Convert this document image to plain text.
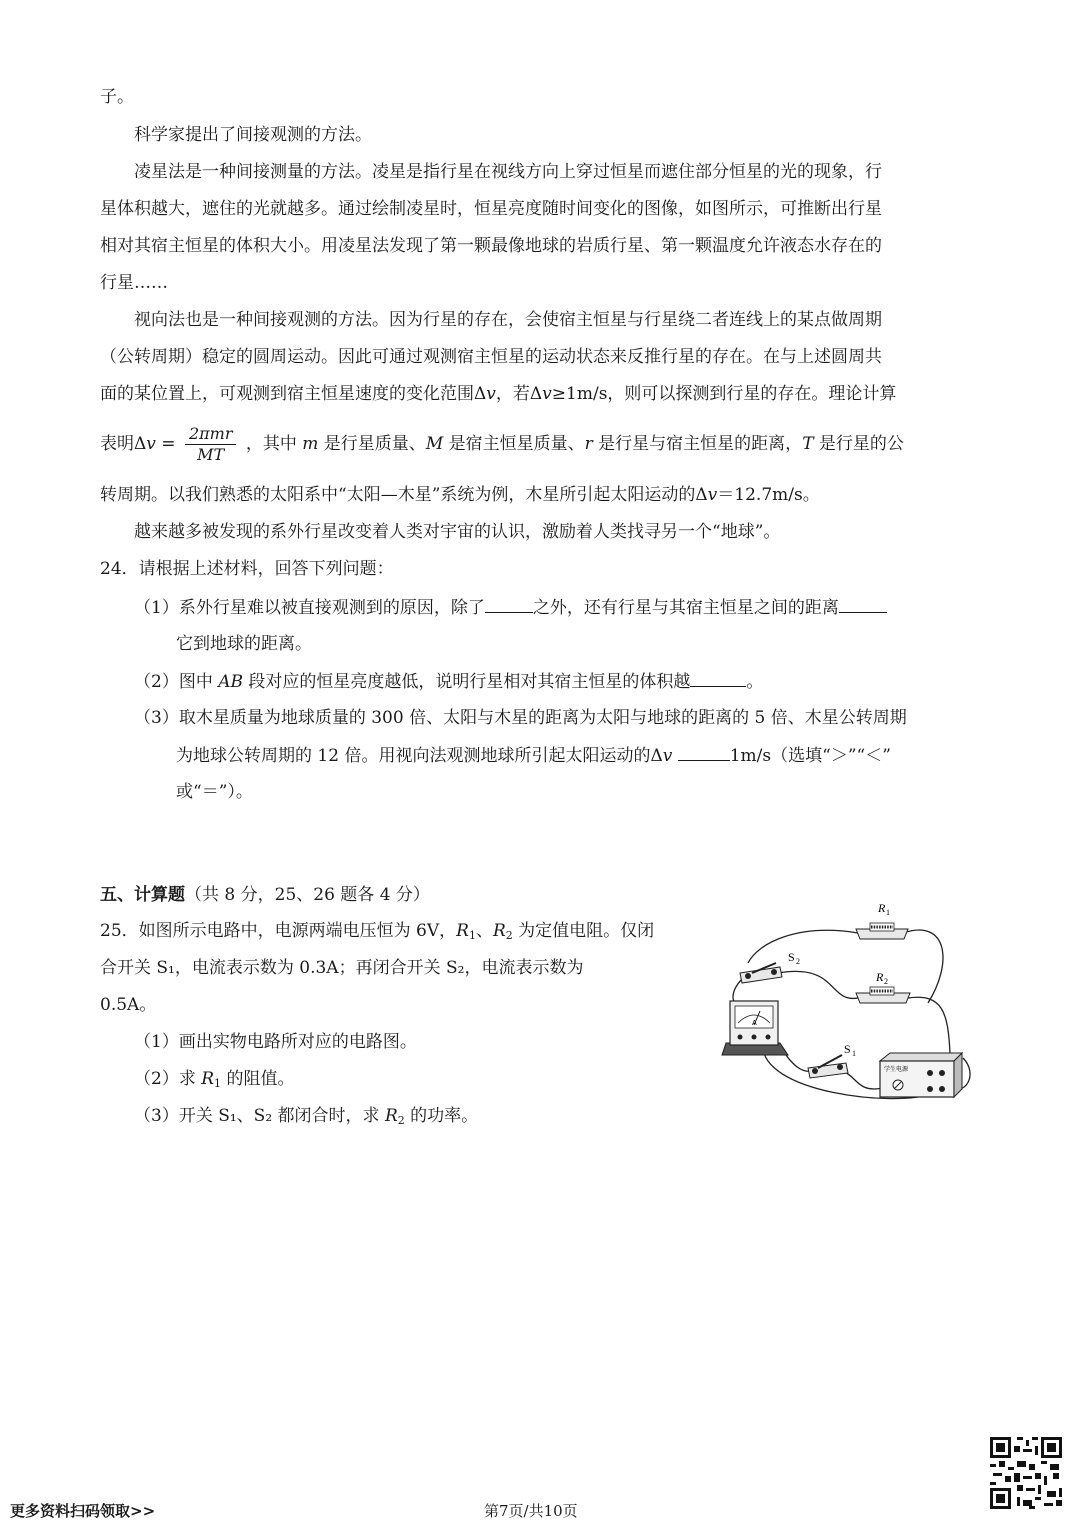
子。
科学家提出了间接观测的方法。
凌星法是一种间接测量的方法。凌星是指行星在视线方向上穿过恒星而遮住部分恒星的光的现象，行
星体积越大，遮住的光就越多。通过绘制凌星时，恒星亮度随时间变化的图像，如图所示，可推断出行星
相对其宿主恒星的体积大小。用凌星法发现了第一颗最像地球的岩质行星、第一颗温度允许液态水存在的
行星……
视向法也是一种间接观测的方法。因为行星的存在，会使宿主恒星与行星绕二者连线上的某点做周期
（公转周期）稳定的圆周运动。因此可通过观测宿主恒星的运动状态来反推行星的存在。在与上述圆周共
面的某位置上，可观测到宿主恒星速度的变化范围Δv，若Δv≥1m/s，则可以探测到行星的存在。理论计算
表明$\Delta v = \frac{\text{2πmr}}{MT}$ ，其中 m 是行星质量、M 是宿主恒星质量、r 是行星与宿主恒星的距离，T 是行星的公
转周期。以我们熟悉的太阳系中“太阳—木星”系统为例，木星所引起太阳运动的Δv＝12.7m/s。
越来越多被发现的系外行星改变着人类对宇宙的认识，激励着人类找寻另一个“地球”。
24．请根据上述材料，回答下列问题：
（1）系外行星难以被直接观测到的原因，除了	之外，还有行星与其宿主恒星之间的距离
它到地球的距离。
（2）图中 AB 段对应的恒星亮度越低，说明行星相对其宿主恒星的体积越	。
（3）取木星质量为地球质量的 300 倍、太阳与木星的距离为太阳与地球的距离的 5 倍、木星公转周期
为地球公转周期的 12 倍。用视向法观测地球所引起太阳运动的Δv	1m/s（选填“＞”“＜”
或“＝”）。
五、计算题（共 8 分，25、26 题各 4 分）
25．如图所示电路中，电源两端电压恒为 6V，$R_1$、$R_2$ 为定值电阻。仅闭
合开关 S₁，电流表示数为 0.3A；再闭合开关 S₂，电流表示数为
0.5A。
（1）画出实物电路所对应的电路图。
（2）求 $R_1$ 的阻值。
（3）开关 S₁、S₂ 都闭合时，求 $R_2$ 的功率。
R 1
R 2
S 2
S 1
A
学生电源
更多资料扫码领取>>	第7页/共10页
